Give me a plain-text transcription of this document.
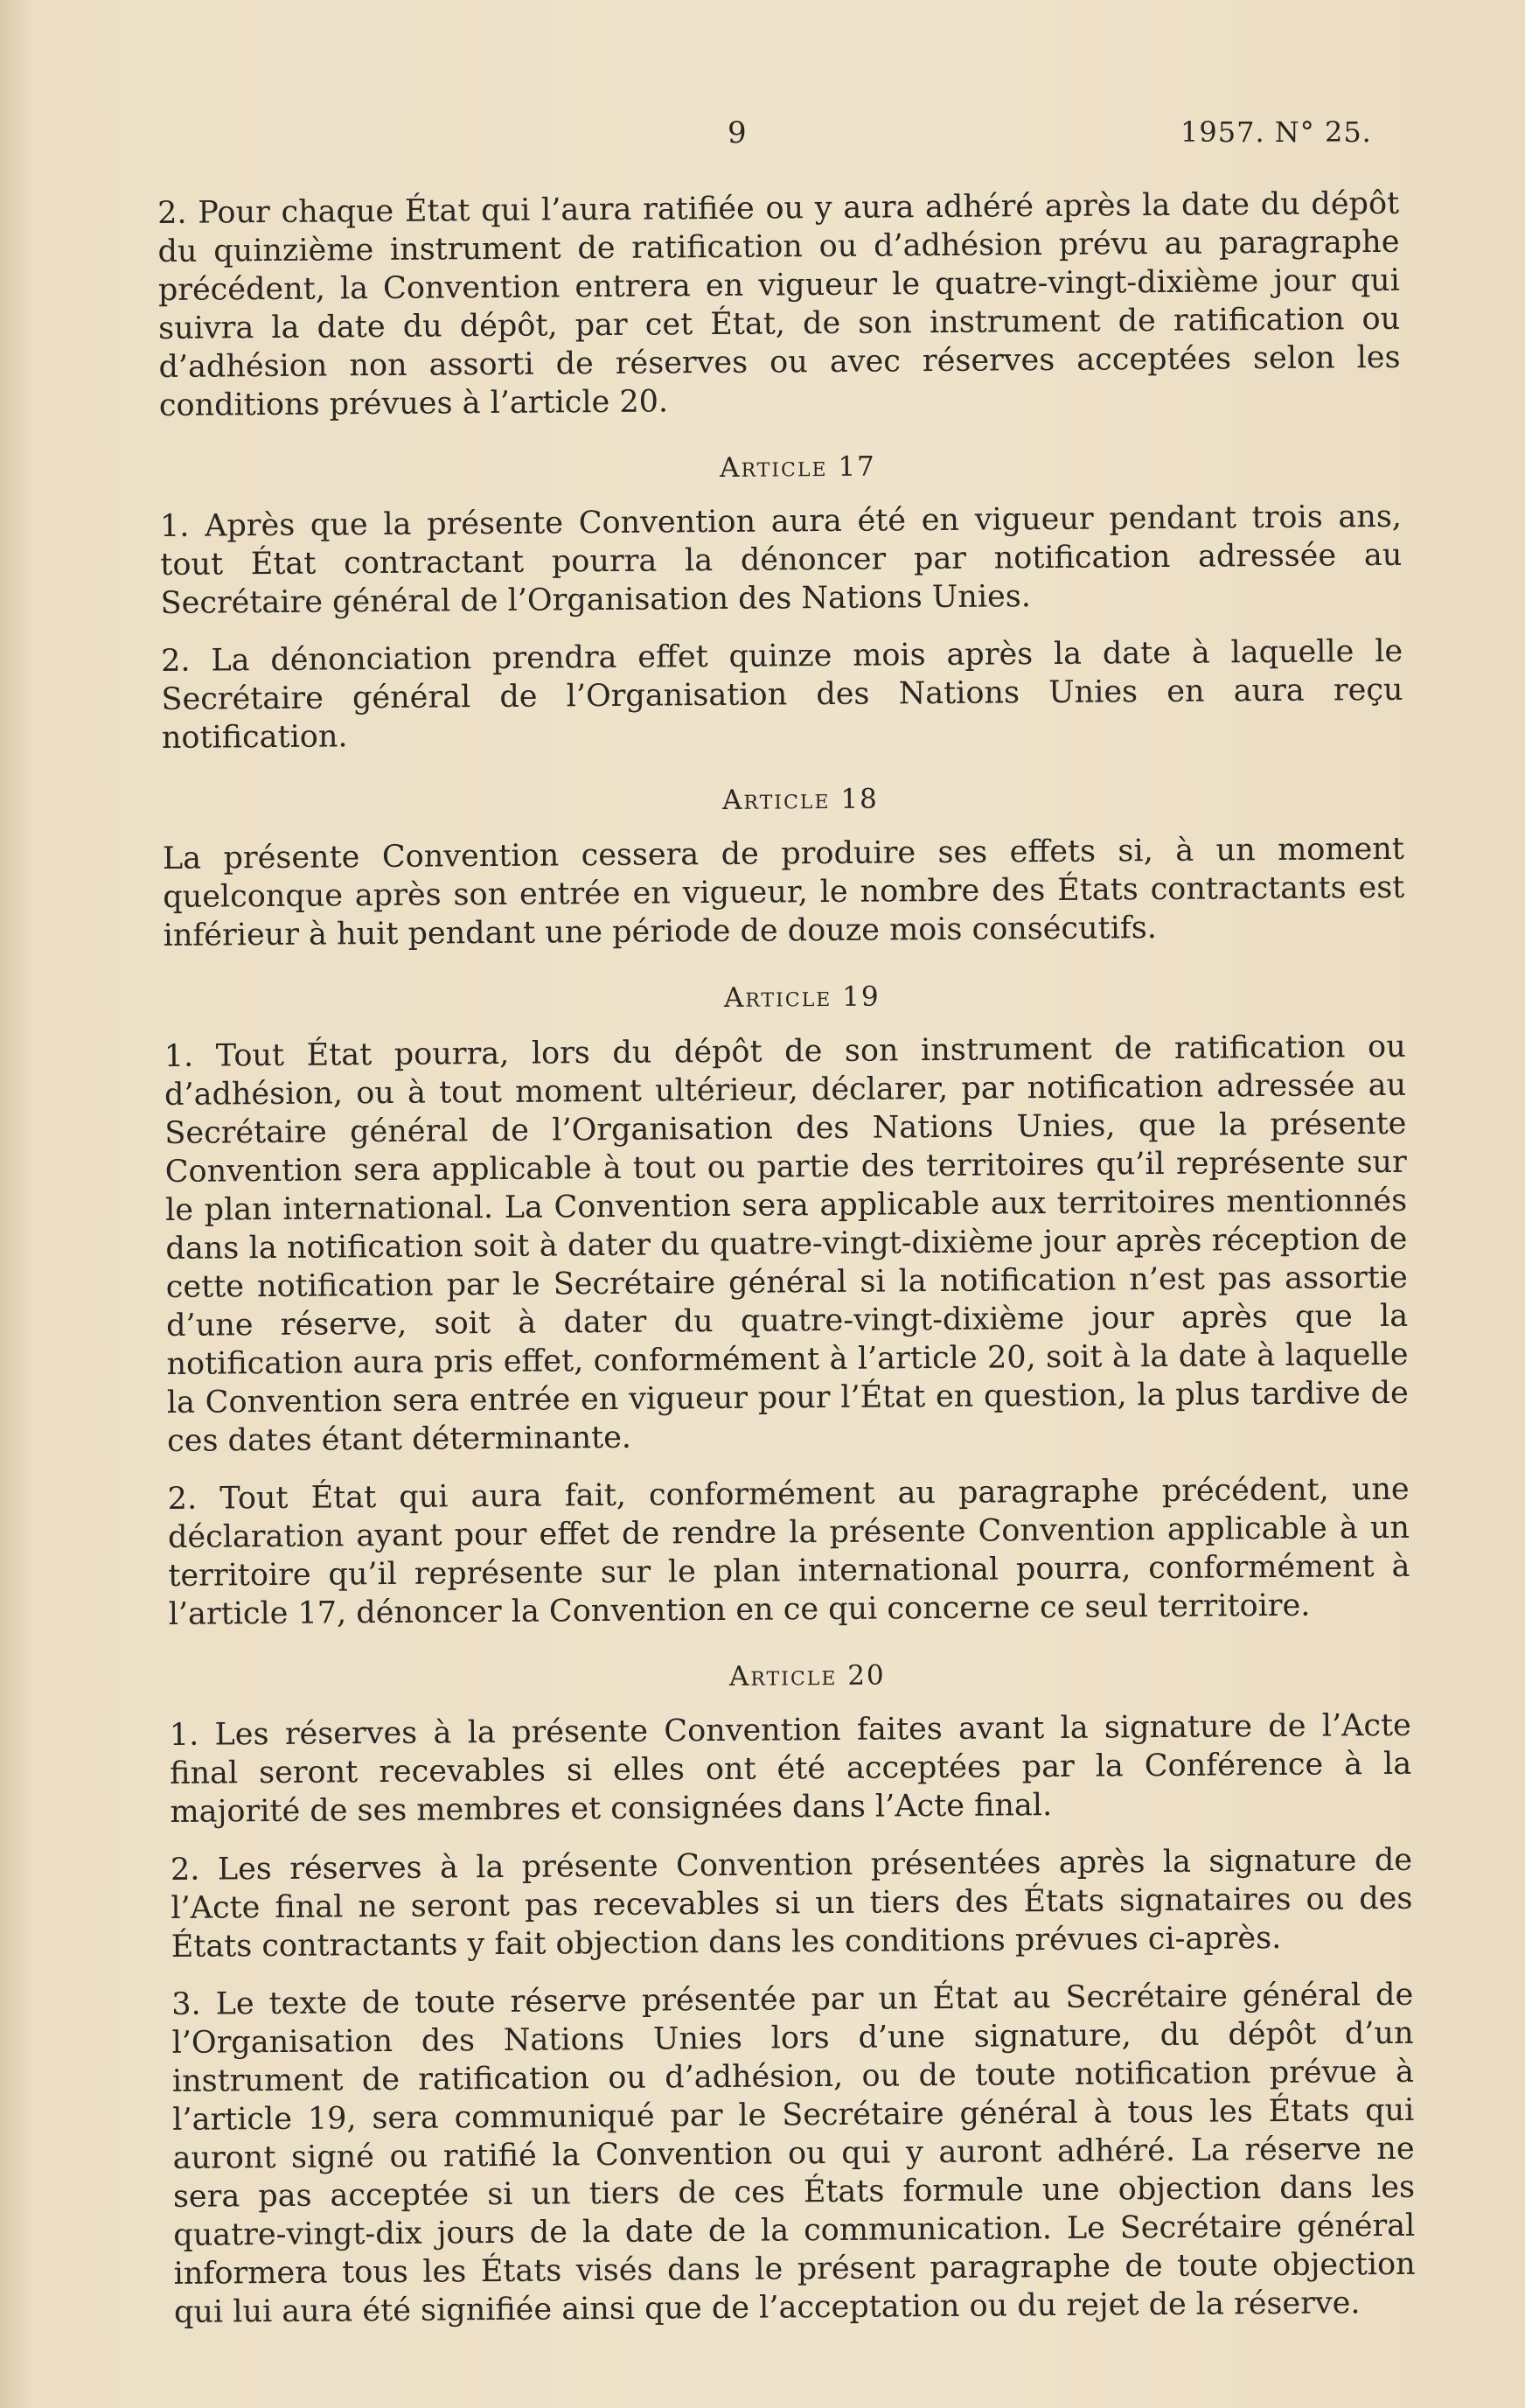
9	1957. N° 25.

2. Pour chaque État qui l’aura ratifiée ou y aura adhéré après la date du dépôt du quinzième instrument de ratification ou d’adhésion prévu au paragraphe précédent, la Convention entrera en vigueur le quatre-vingt-dixième jour qui suivra la date du dépôt, par cet État, de son instrument de ratification ou d’adhésion non assorti de réserves ou avec réserves acceptées selon les conditions prévues à l’article 20.

Article 17

1. Après que la présente Convention aura été en vigueur pendant trois ans, tout État contractant pourra la dénoncer par notification adressée au Secrétaire général de l’Organisation des Nations Unies.

2. La dénonciation prendra effet quinze mois après la date à laquelle le Secrétaire général de l’Organisation des Nations Unies en aura reçu notification.

Article 18

La présente Convention cessera de produire ses effets si, à un moment quelconque après son entrée en vigueur, le nombre des États contractants est inférieur à huit pendant une période de douze mois consécutifs.

Article 19

1. Tout État pourra, lors du dépôt de son instrument de ratification ou d’adhésion, ou à tout moment ultérieur, déclarer, par notification adressée au Secrétaire général de l’Organisation des Nations Unies, que la présente Convention sera applicable à tout ou partie des territoires qu’il représente sur le plan international. La Convention sera applicable aux territoires mentionnés dans la notification soit à dater du quatre-vingt-dixième jour après réception de cette notification par le Secrétaire général si la notification n’est pas assortie d’une réserve, soit à dater du quatre-vingt-dixième jour après que la notification aura pris effet, conformément à l’article 20, soit à la date à laquelle la Convention sera entrée en vigueur pour l’État en question, la plus tardive de ces dates étant déterminante.

2. Tout État qui aura fait, conformément au paragraphe précédent, une déclaration ayant pour effet de rendre la présente Convention applicable à un territoire qu’il représente sur le plan international pourra, conformément à l’article 17, dénoncer la Convention en ce qui concerne ce seul territoire.

Article 20

1. Les réserves à la présente Convention faites avant la signature de l’Acte final seront recevables si elles ont été acceptées par la Conférence à la majorité de ses membres et consignées dans l’Acte final.

2. Les réserves à la présente Convention présentées après la signature de l’Acte final ne seront pas recevables si un tiers des États signataires ou des États contractants y fait objection dans les conditions prévues ci-après.

3. Le texte de toute réserve présentée par un État au Secrétaire général de l’Organisation des Nations Unies lors d’une signature, du dépôt d’un instrument de ratification ou d’adhésion, ou de toute notification prévue à l’article 19, sera communiqué par le Secrétaire général à tous les États qui auront signé ou ratifié la Convention ou qui y auront adhéré. La réserve ne sera pas acceptée si un tiers de ces États formule une objection dans les quatre-vingt-dix jours de la date de la communication. Le Secrétaire général informera tous les États visés dans le présent paragraphe de toute objection qui lui aura été signifiée ainsi que de l’acceptation ou du rejet de la réserve.
